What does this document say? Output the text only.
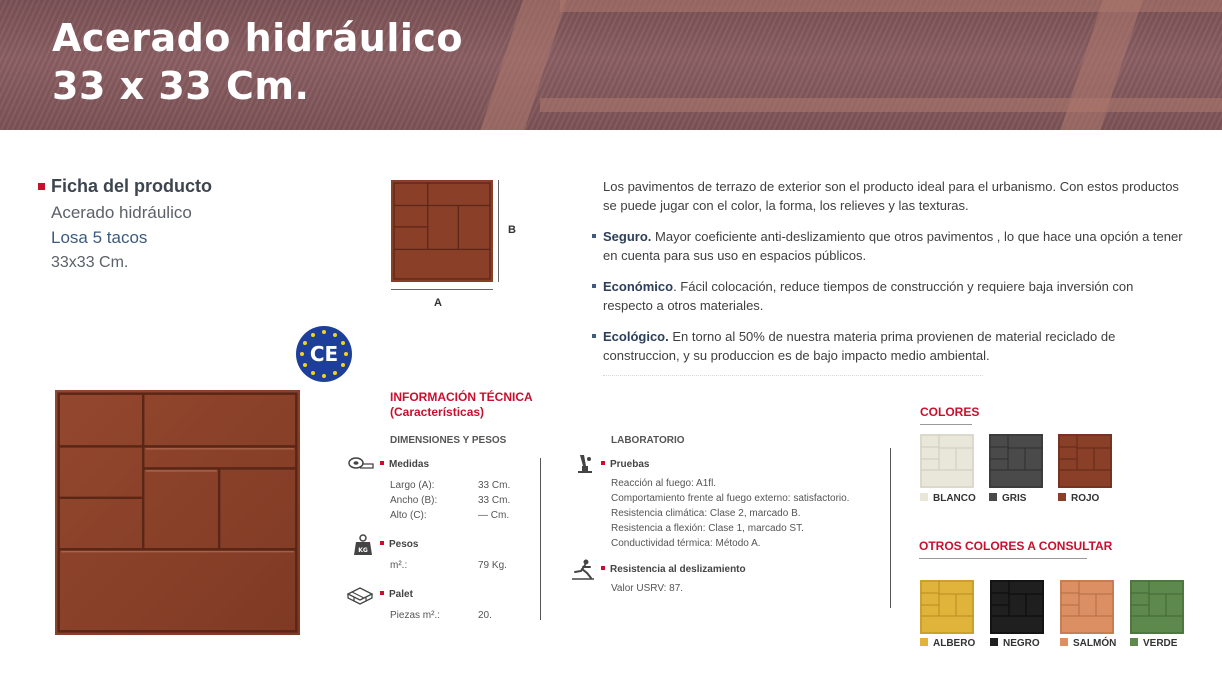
Acerado hidráulico
33 x 33 Cm.
Ficha del producto
Acerado hidráulico
Losa 5 tacos
33x33 Cm.
B
A
CE

Los pavimentos de terrazo de exterior son el producto ideal para el urbanismo. Con estos productos se puede jugar con el color, la forma, los relieves y las texturas.

Seguro. Mayor coeficiente anti-deslizamiento que otros pavimentos , lo que hace una opción a tener en cuenta para sus uso en espacios públicos.

Económico. Fácil colocación, reduce tiempos de construcción y requiere baja inversión con respecto a otros materiales.

Ecológico. En torno al 50% de nuestra materia prima provienen de material reciclado de construccion, y su produccion es de bajo impacto medio ambiental.

INFORMACIÓN TÉCNICA
(Características)
DIMENSIONES Y PESOS
Medidas
Largo (A):	33 Cm.
Ancho (B):	33 Cm.
Alto (C):	— Cm.
KG
Pesos
m².:	79 Kg.
Palet
Piezas m².:	20.
LABORATORIO
Pruebas
Reacción al fuego: A1fl.
Comportamiento frente al fuego externo: satisfactorio.
Resistencia climática: Clase 2, marcado B.
Resistencia a flexión: Clase 1, marcado ST.
Conductividad térmica: Método A.
Resistencia al deslizamiento
Valor USRV: 87.
COLORES
BLANCO	GRIS	ROJO
OTROS COLORES A CONSULTAR
ALBERO	NEGRO	SALMÓN	VERDE
